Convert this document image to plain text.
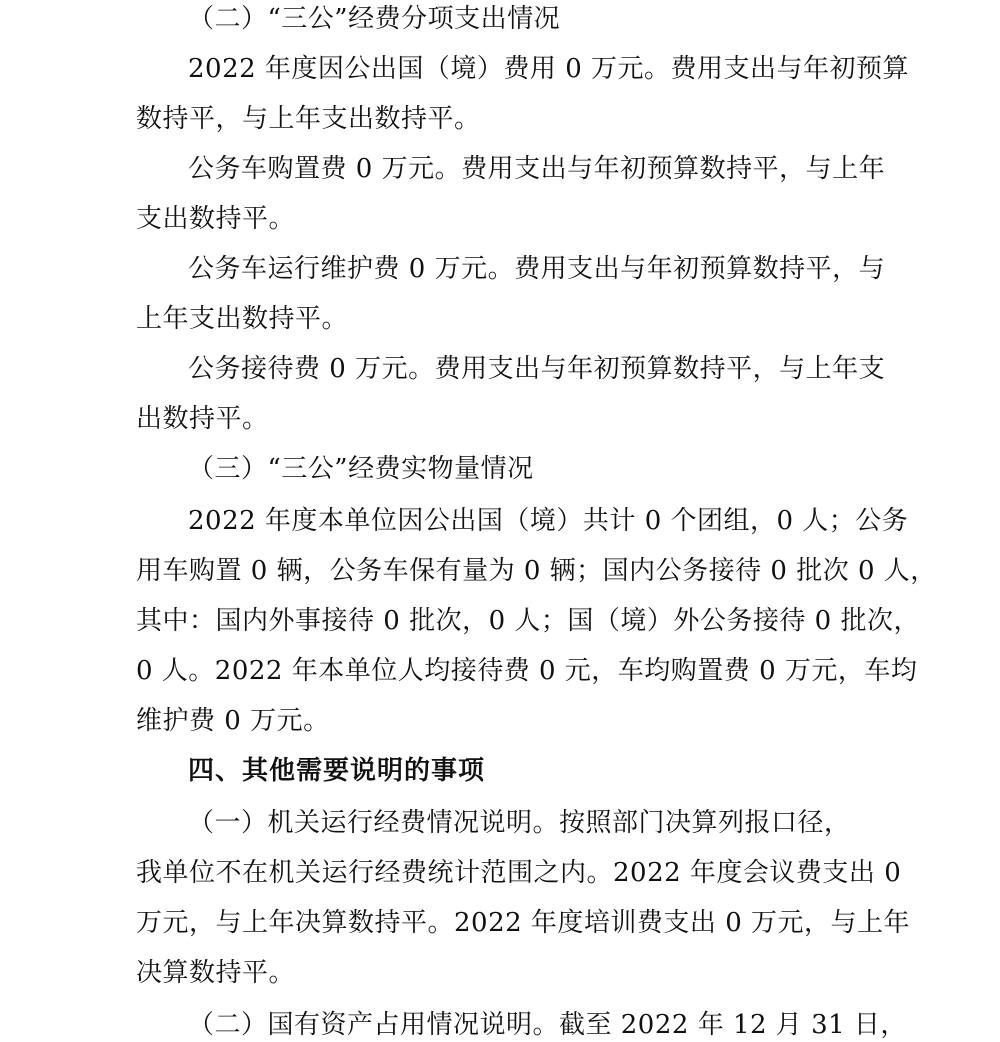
（二）“三公”经费分项支出情况
2022 年度因公出国（境）费用 0 万元。费用支出与年初预算
数持平，与上年支出数持平。
公务车购置费 0 万元。费用支出与年初预算数持平，与上年
支出数持平。
公务车运行维护费 0 万元。费用支出与年初预算数持平，与
上年支出数持平。
公务接待费 0 万元。费用支出与年初预算数持平，与上年支
出数持平。
（三）“三公”经费实物量情况
2022 年度本单位因公出国（境）共计 0 个团组，0 人；公务
用车购置 0 辆，公务车保有量为 0 辆；国内公务接待 0 批次 0 人，
其中：国内外事接待 0 批次，0 人；国（境）外公务接待 0 批次，
0 人。2022 年本单位人均接待费 0 元，车均购置费 0 万元，车均
维护费 0 万元。
四、其他需要说明的事项
（一）机关运行经费情况说明。按照部门决算列报口径，
我单位不在机关运行经费统计范围之内。2022 年度会议费支出 0
万元，与上年决算数持平。2022 年度培训费支出 0 万元，与上年
决算数持平。
（二）国有资产占用情况说明。截至 2022 年 12 月 31 日，
